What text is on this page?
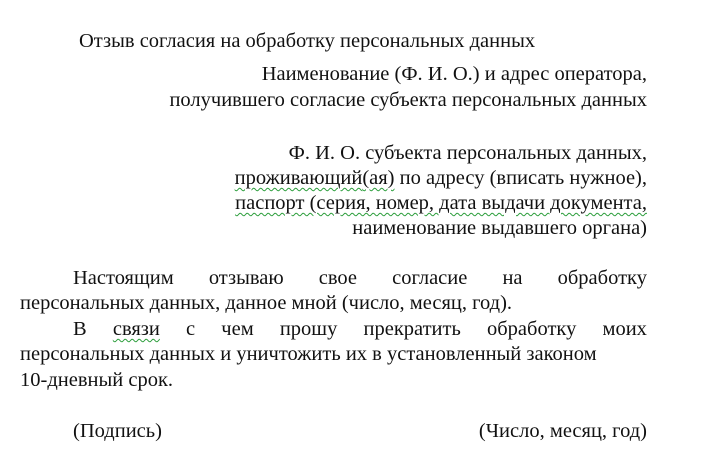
Отзыв согласия на обработку персональных данных
Наименование (Ф. И. О.) и адрес оператора,
получившего согласие субъекта персональных данных
Ф. И. О. субъекта персональных данных,
проживающий(ая) по адресу (вписать нужное),
паспорт (серия, номер, дата выдачи документа,
наименование выдавшего органа)
Настоящим отзываю свое согласие на обработку
персональных данных, данное мной (число, месяц, год).
В связи с чем прошу прекратить обработку моих
персональных данных и уничтожить их в установленный законом
10-дневный срок.
(Подпись)	(Число, месяц, год)
